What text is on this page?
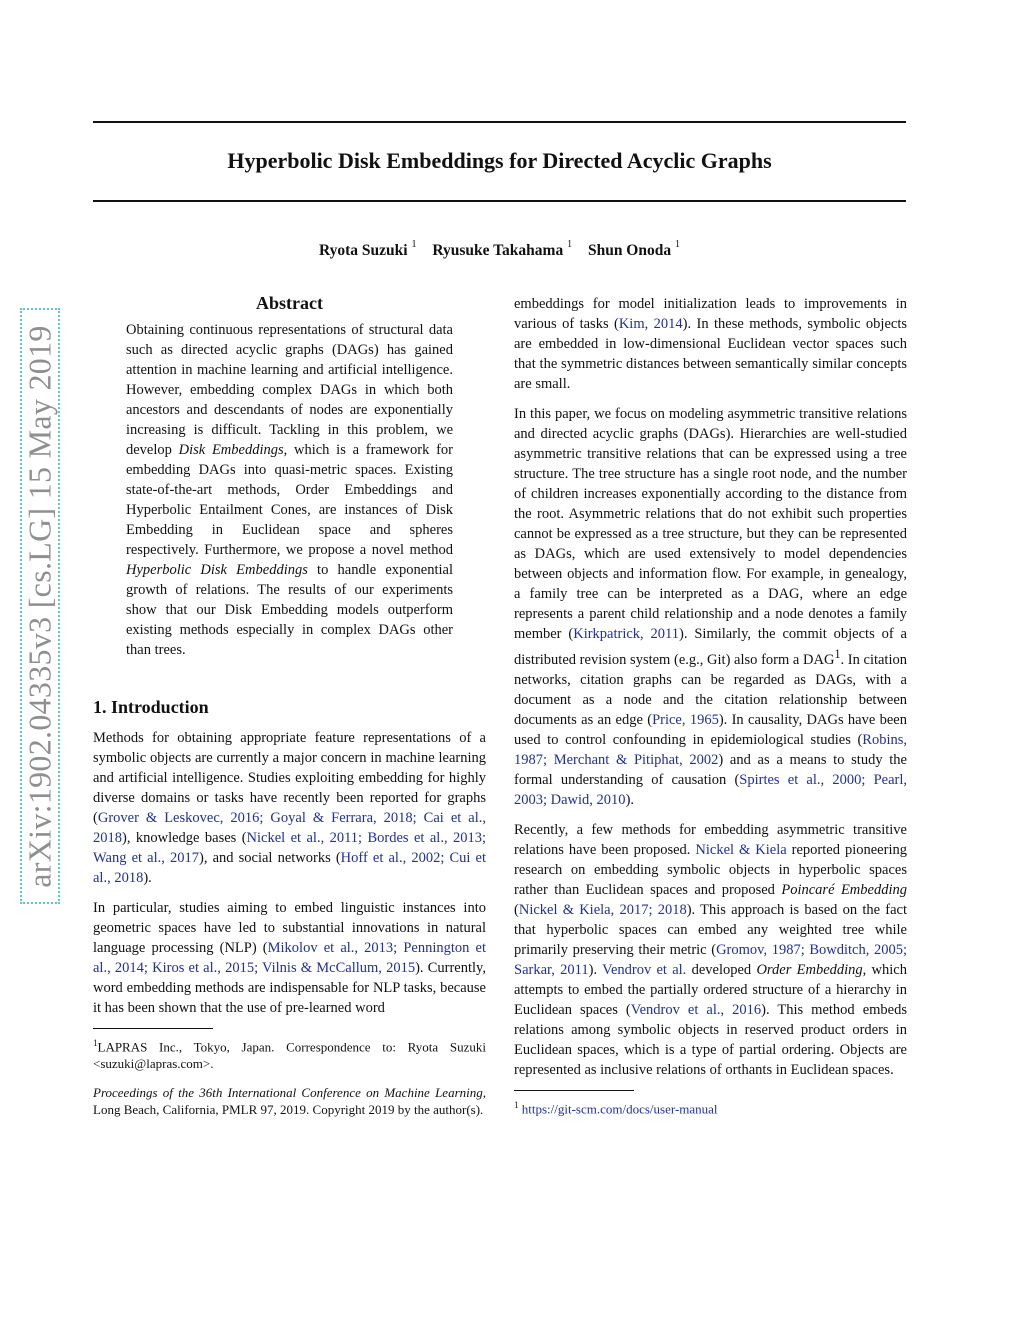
Hyperbolic Disk Embeddings for Directed Acyclic Graphs
Ryota Suzuki $^1$ Ryusuke Takahama $^1$ Shun Onoda $^1$
arXiv:1902.04335v3 [cs.LG] 15 May 2019
Abstract
Obtaining continuous representations of structural data such as directed acyclic graphs (DAGs) has gained attention in machine learning and artificial intelligence. However, embedding complex DAGs in which both ancestors and descendants of nodes are exponentially increasing is difficult. Tackling in this problem, we develop Disk Embeddings, which is a framework for embedding DAGs into quasi-metric spaces. Existing state-of-the-art methods, Order Embeddings and Hyperbolic Entailment Cones, are instances of Disk Embedding in Euclidean space and spheres respectively. Furthermore, we propose a novel method Hyperbolic Disk Embeddings to handle exponential growth of relations. The results of our experiments show that our Disk Embedding models outperform existing methods especially in complex DAGs other than trees.
1. Introduction

Methods for obtaining appropriate feature representations of a symbolic objects are currently a major concern in machine learning and artificial intelligence. Studies exploiting embedding for highly diverse domains or tasks have recently been reported for graphs (Grover & Leskovec, 2016; Goyal & Ferrara, 2018; Cai et al., 2018), knowledge bases (Nickel et al., 2011; Bordes et al., 2013; Wang et al., 2017), and social networks (Hoff et al., 2002; Cui et al., 2018).

In particular, studies aiming to embed linguistic instances into geometric spaces have led to substantial innovations in natural language processing (NLP) (Mikolov et al., 2013; Pennington et al., 2014; Kiros et al., 2015; Vilnis & McCallum, 2015). Currently, word embedding methods are indispensable for NLP tasks, because it has been shown that the use of pre-learned word

$^1$LAPRAS Inc., Tokyo, Japan. Correspondence to: Ryota Suzuki <suzuki@lapras.com>.

Proceedings of the 36th International Conference on Machine Learning, Long Beach, California, PMLR 97, 2019. Copyright 2019 by the author(s).

embeddings for model initialization leads to improvements in various of tasks (Kim, 2014). In these methods, symbolic objects are embedded in low-dimensional Euclidean vector spaces such that the symmetric distances between semantically similar concepts are small.

In this paper, we focus on modeling asymmetric transitive relations and directed acyclic graphs (DAGs). Hierarchies are well-studied asymmetric transitive relations that can be expressed using a tree structure. The tree structure has a single root node, and the number of children increases exponentially according to the distance from the root. Asymmetric relations that do not exhibit such properties cannot be expressed as a tree structure, but they can be represented as DAGs, which are used extensively to model dependencies between objects and information flow. For example, in genealogy, a family tree can be interpreted as a DAG, where an edge represents a parent child relationship and a node denotes a family member (Kirkpatrick, 2011). Similarly, the commit objects of a distributed revision system (e.g., Git) also form a DAG$^1$. In citation networks, citation graphs can be regarded as DAGs, with a document as a node and the citation relationship between documents as an edge (Price, 1965). In causality, DAGs have been used to control confounding in epidemiological studies (Robins, 1987; Merchant & Pitiphat, 2002) and as a means to study the formal understanding of causation (Spirtes et al., 2000; Pearl, 2003; Dawid, 2010).

Recently, a few methods for embedding asymmetric transitive relations have been proposed. Nickel & Kiela reported pioneering research on embedding symbolic objects in hyperbolic spaces rather than Euclidean spaces and proposed Poincaré Embedding (Nickel & Kiela, 2017; 2018). This approach is based on the fact that hyperbolic spaces can embed any weighted tree while primarily preserving their metric (Gromov, 1987; Bowditch, 2005; Sarkar, 2011). Vendrov et al. developed Order Embedding, which attempts to embed the partially ordered structure of a hierarchy in Euclidean spaces (Vendrov et al., 2016). This method embeds relations among symbolic objects in reserved product orders in Euclidean spaces, which is a type of partial ordering. Objects are represented as inclusive relations of orthants in Euclidean spaces.

$^1$ https://git-scm.com/docs/user-manual
